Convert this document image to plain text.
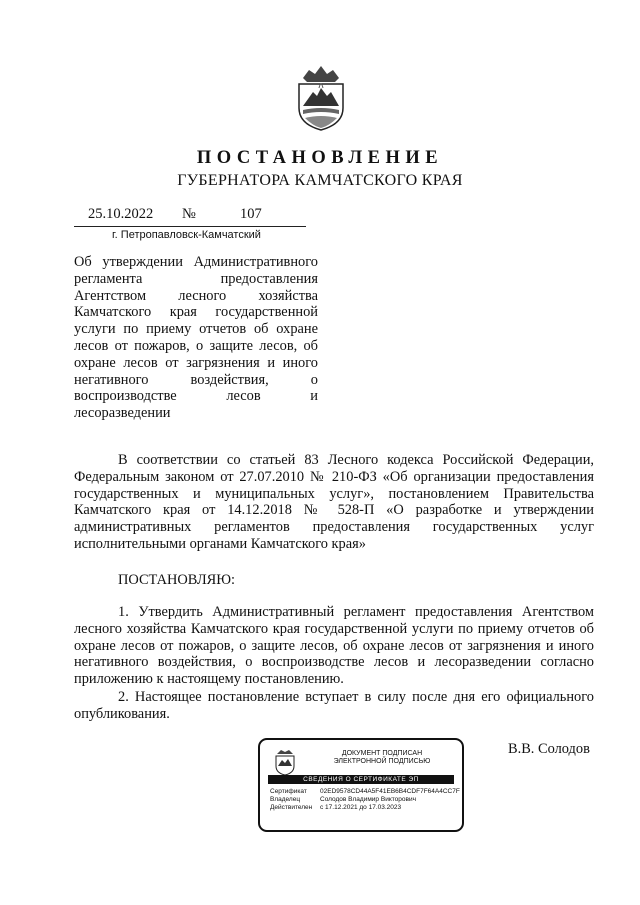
ПОСТАНОВЛЕНИЕ
ГУБЕРНАТОРА КАМЧАТСКОГО КРАЯ
25.10.2022 №	107
г. Петропавловск-Камчатский
Об утверждении Административного регламента предоставления Агентством лесного хозяйства Камчатского края государственной услуги по приему отчетов об охране лесов от пожаров, о защите лесов, об охране лесов от загрязнения и иного негативного воздействия, о воспроизводстве лесов и лесоразведении
В соответствии со статьей 83 Лесного кодекса Российской Федерации, Федеральным законом от 27.07.2010 № 210-ФЗ «Об организации предоставления государственных и муниципальных услуг», постановлением Правительства Камчатского края от 14.12.2018 № 528-П «О разработке и утверждении административных регламентов предоставления государственных услуг исполнительными органами Камчатского края»
ПОСТАНОВЛЯЮ:
1. Утвердить Административный регламент предоставления Агентством лесного хозяйства Камчатского края государственной услуги по приему отчетов об охране лесов от пожаров, о защите лесов, об охране лесов от загрязнения и иного негативного воздействия, о воспроизводстве лесов и лесоразведении согласно приложению к настоящему постановлению.
2. Настоящее постановление вступает в силу после дня его официального опубликования.
ДОКУМЕНТ ПОДПИСАН
ЭЛЕКТРОННОЙ ПОДПИСЬЮ
СВЕДЕНИЯ О СЕРТИФИКАТЕ ЭП
Сертификат	02ED9578CD44A5F41EB6B4CDF7F64A4CC7F
Владелец	Солодов Владимир Викторович
Действителен	с 17.12.2021 до 17.03.2023
В.В. Солодов
